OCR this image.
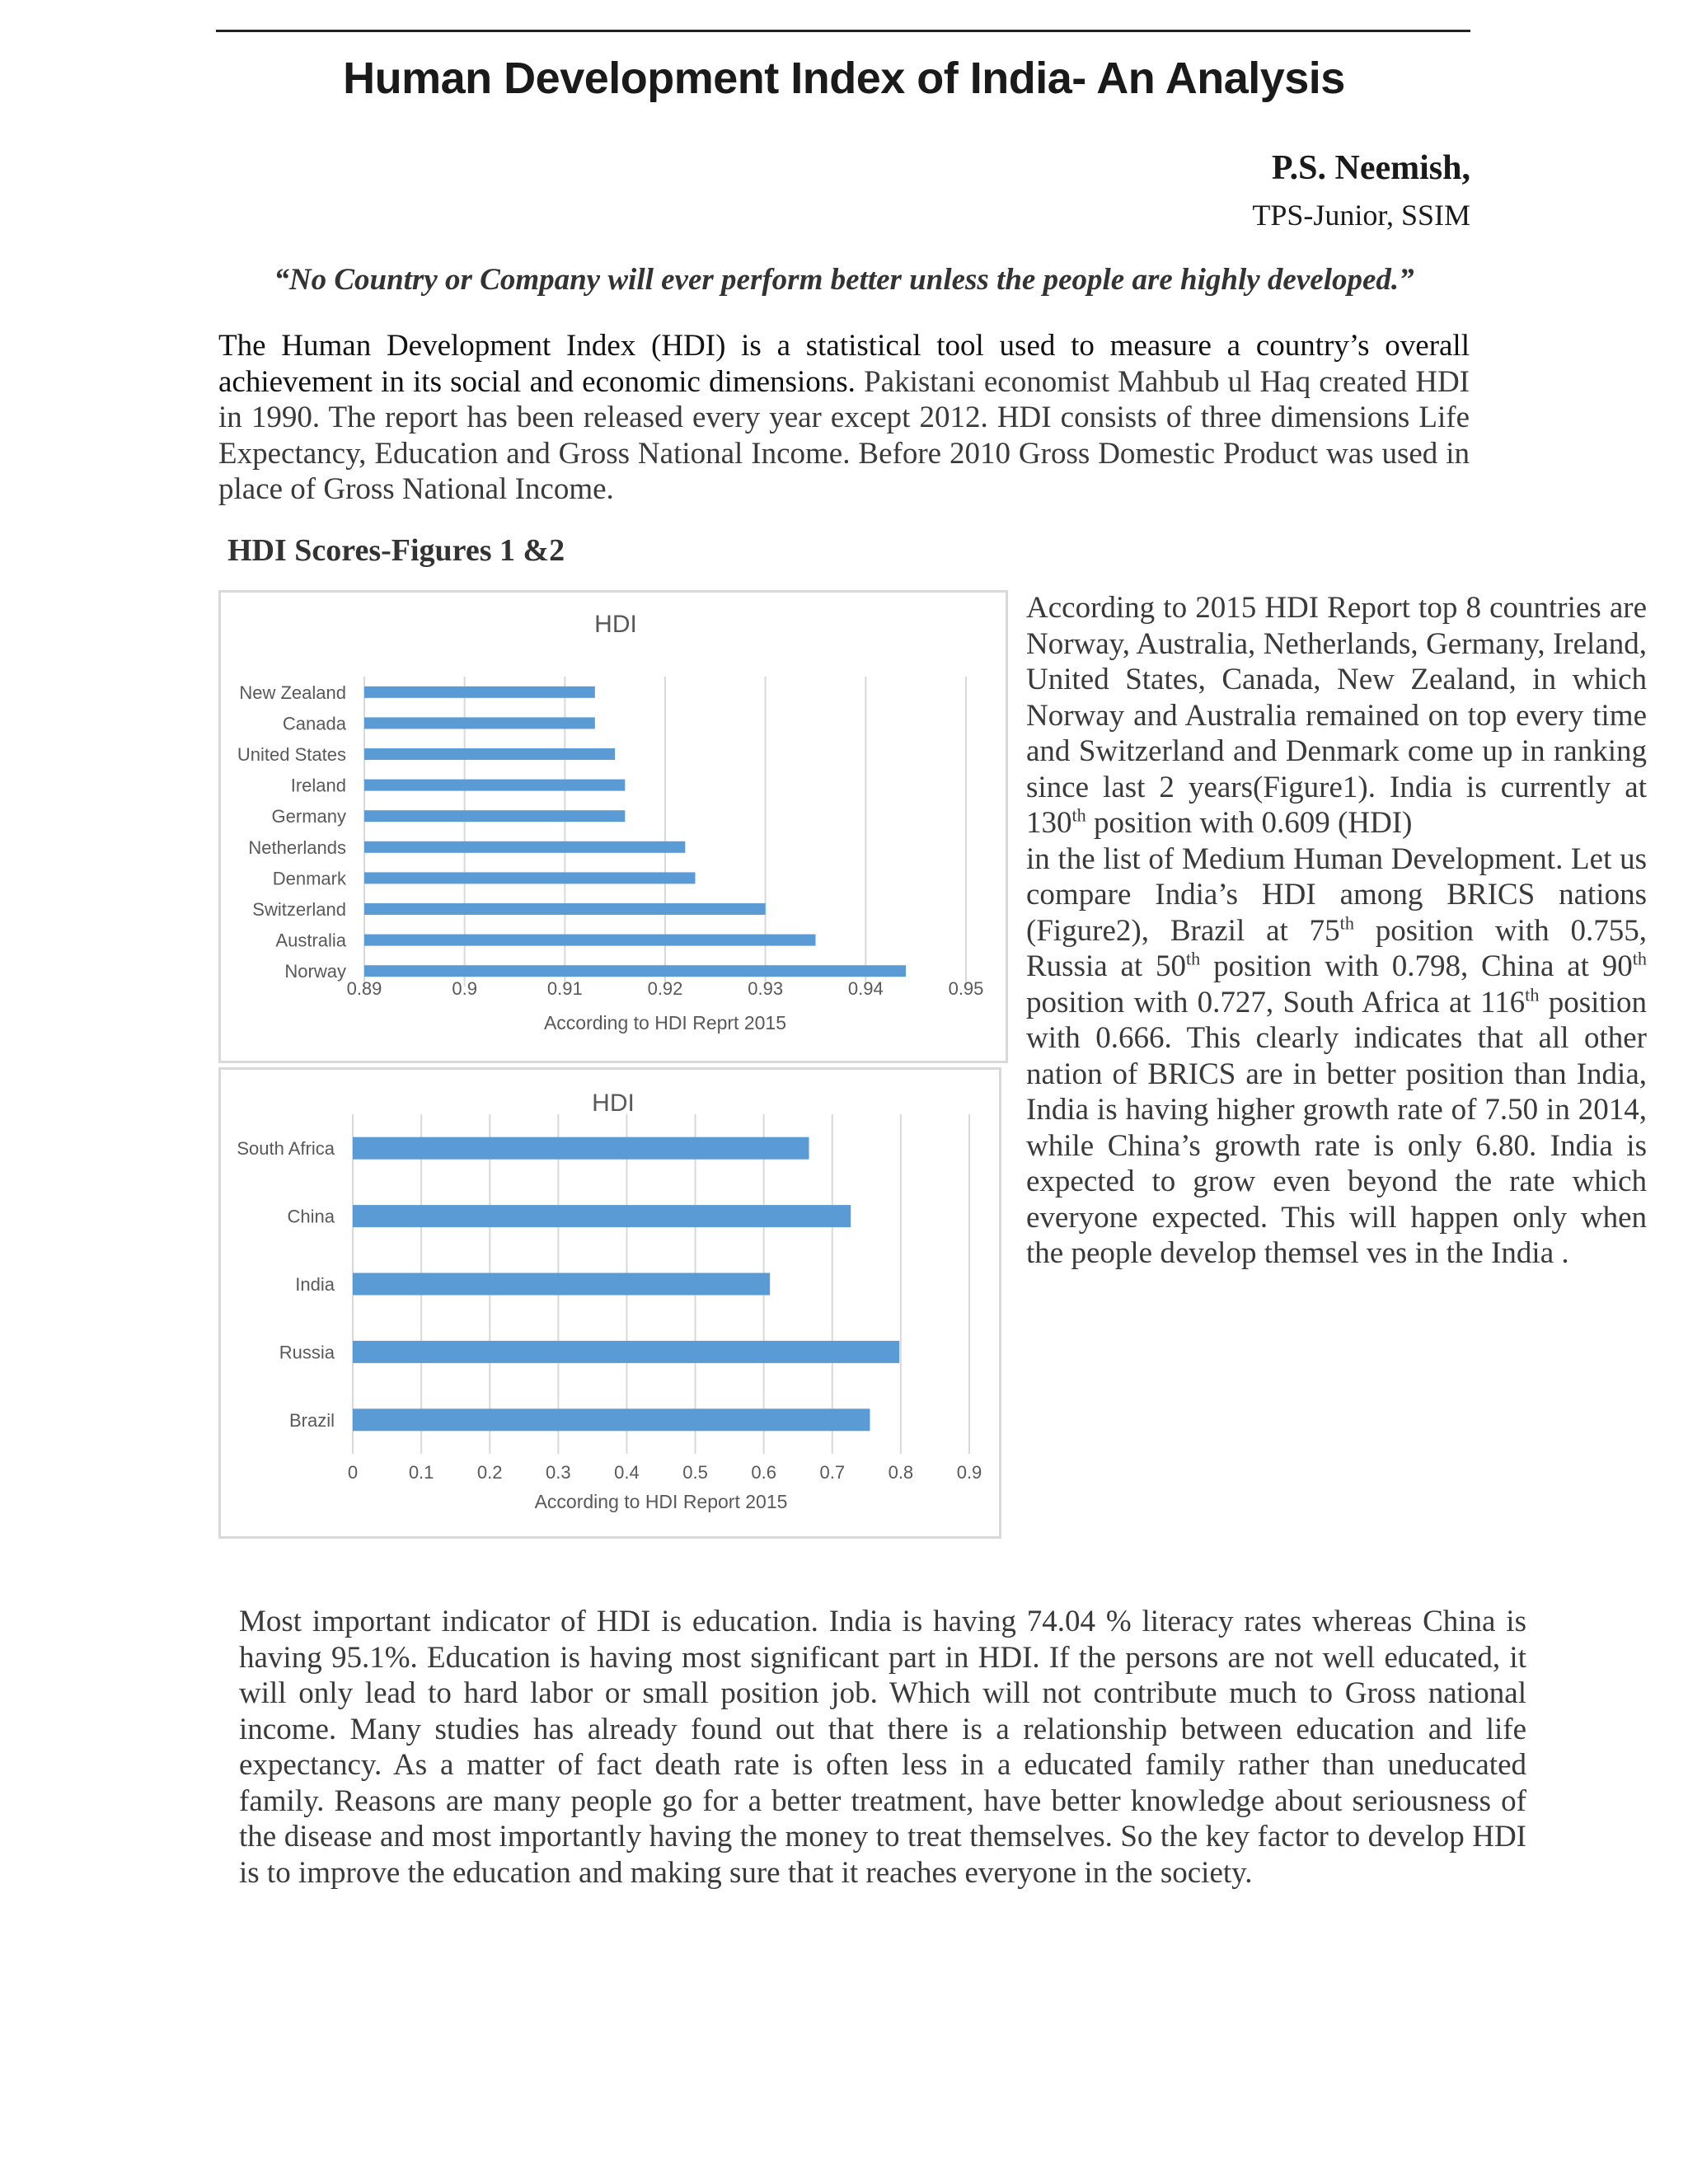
Human Development Index of India- An Analysis
P.S. Neemish,
TPS-Junior, SSIM
“No Country or Company will ever perform better unless the people are highly developed.”
The Human Development Index (HDI) is a statistical tool used to measure a country’s overall achievement in its social and economic dimensions. Pakistani economist Mahbub ul Haq created HDI in 1990. The report has been released every year except 2012. HDI consists of three dimensions Life Expectancy, Education and Gross National Income. Before 2010 Gross Domestic Product was used in place of Gross National Income.
HDI Scores-Figures 1 &2
HDI
0.89	0.9	0.91	0.92	0.93	0.94	0.95
New Zealand
Canada
United States
Ireland
Germany
Netherlands
Denmark
Switzerland
Australia
Norway
According to HDI Reprt 2015
HDI
0	0.1 0.2 0.3 0.4 0.5 0.6 0.7 0.8 0.9
South Africa
China
India
Russia
Brazil
According to HDI Report 2015
According to 2015 HDI Report top 8 countries are Norway, Australia, Netherlands, Germany, Ireland, United States, Canada, New Zealand, in which Norway and Australia remained on top every time and Switzerland and Denmark come up in ranking since last 2 years(Figure1). India is currently at 130th position with 0.609 (HDI)
in the list of Medium Human Development. Let us compare India’s HDI among BRICS nations (Figure2), Brazil at 75th position with 0.755, Russia at 50th position with 0.798, China at 90th position with 0.727, South Africa at 116th position with 0.666. This clearly indicates that all other nation of BRICS are in better position than India, India is having higher growth rate of 7.50 in 2014, while China’s growth rate is only 6.80. India is expected to grow even beyond the rate which everyone expected. This will happen only when the people develop themsel ves in the India .
Most important indicator of HDI is education. India is having 74.04 % literacy rates whereas China is having 95.1%. Education is having most significant part in HDI. If the persons are not well educated, it will only lead to hard labor or small position job. Which will not contribute much to Gross national income. Many studies has already found out that there is a relationship between education and life expectancy. As a matter of fact death rate is often less in a educated family rather than uneducated family. Reasons are many people go for a better treatment, have better knowledge about seriousness of the disease and most importantly having the money to treat themselves. So the key factor to develop HDI is to improve the education and making sure that it reaches everyone in the society.
